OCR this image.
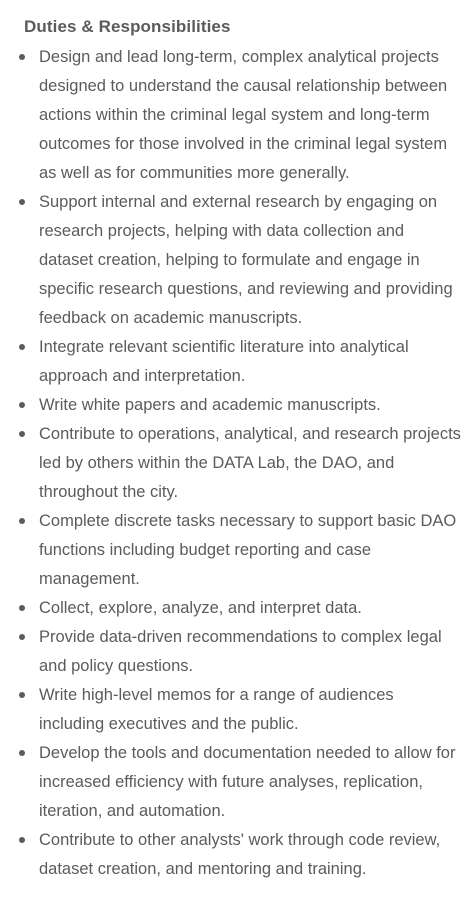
Duties & Responsibilities
Design and lead long-term, complex analytical projects designed to understand the causal relationship between actions within the criminal legal system and long-term outcomes for those involved in the criminal legal system as well as for communities more generally.
Support internal and external research by engaging on research projects, helping with data collection and dataset creation, helping to formulate and engage in specific research questions, and reviewing and providing feedback on academic manuscripts.
Integrate relevant scientific literature into analytical approach and interpretation.
Write white papers and academic manuscripts.
Contribute to operations, analytical, and research projects led by others within the DATA Lab, the DAO, and throughout the city.
Complete discrete tasks necessary to support basic DAO functions including budget reporting and case management.
Collect, explore, analyze, and interpret data.
Provide data-driven recommendations to complex legal and policy questions.
Write high-level memos for a range of audiences including executives and the public.
Develop the tools and documentation needed to allow for increased efficiency with future analyses, replication, iteration, and automation.
Contribute to other analysts' work through code review, dataset creation, and mentoring and training.
